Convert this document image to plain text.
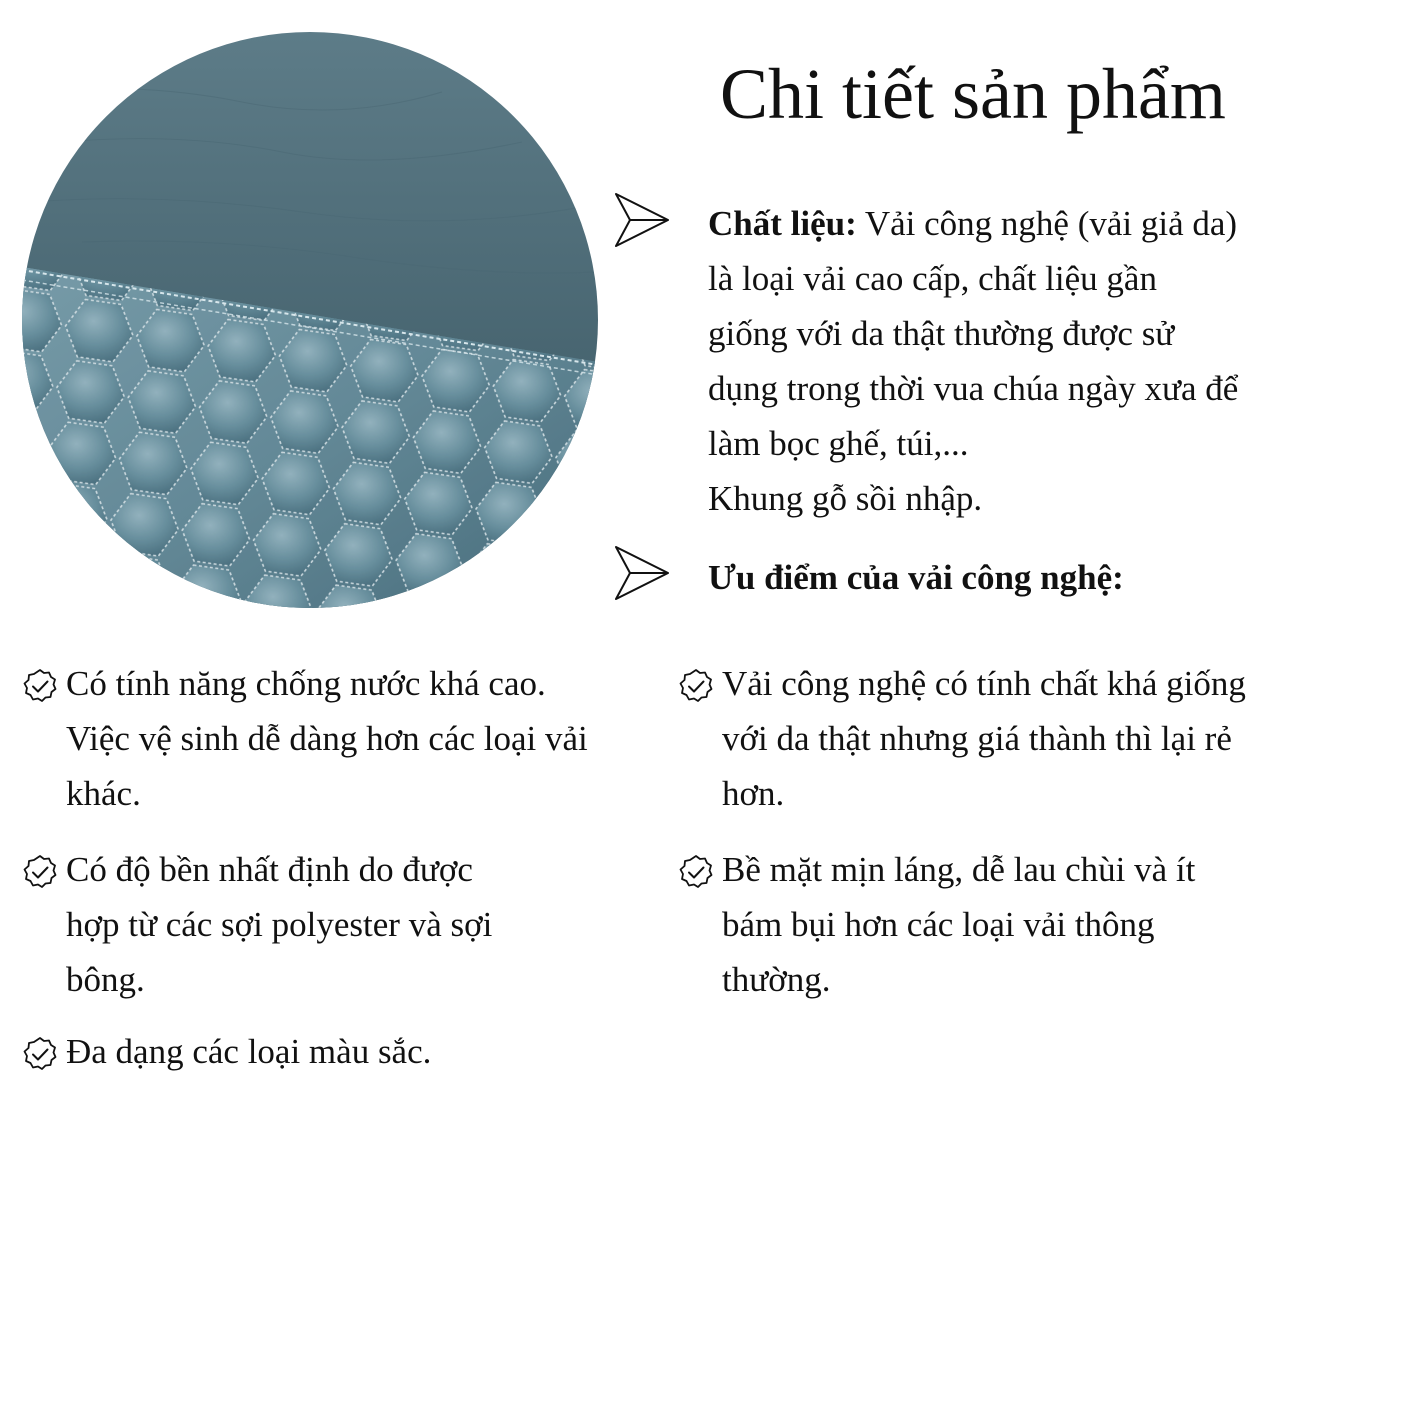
Chi tiết sản phẩm
Chất liệu: Vải công nghệ (vải giả da)
là loại vải cao cấp, chất liệu gần
giống với da thật thường được sử
dụng trong thời vua chúa ngày xưa để
làm bọc ghế, túi,...
Khung gỗ sồi nhập.
Ưu điểm của vải công nghệ:
Có tính năng chống nước khá cao.
Việc vệ sinh dễ dàng hơn các loại vải
khác.
Vải công nghệ có tính chất khá giống
với da thật nhưng giá thành thì lại rẻ
hơn.
Có độ bền nhất định do được
hợp từ các sợi polyester và sợi
bông.
Bề mặt mịn láng, dễ lau chùi và ít
bám bụi hơn các loại vải thông
thường.
Đa dạng các loại màu sắc.
